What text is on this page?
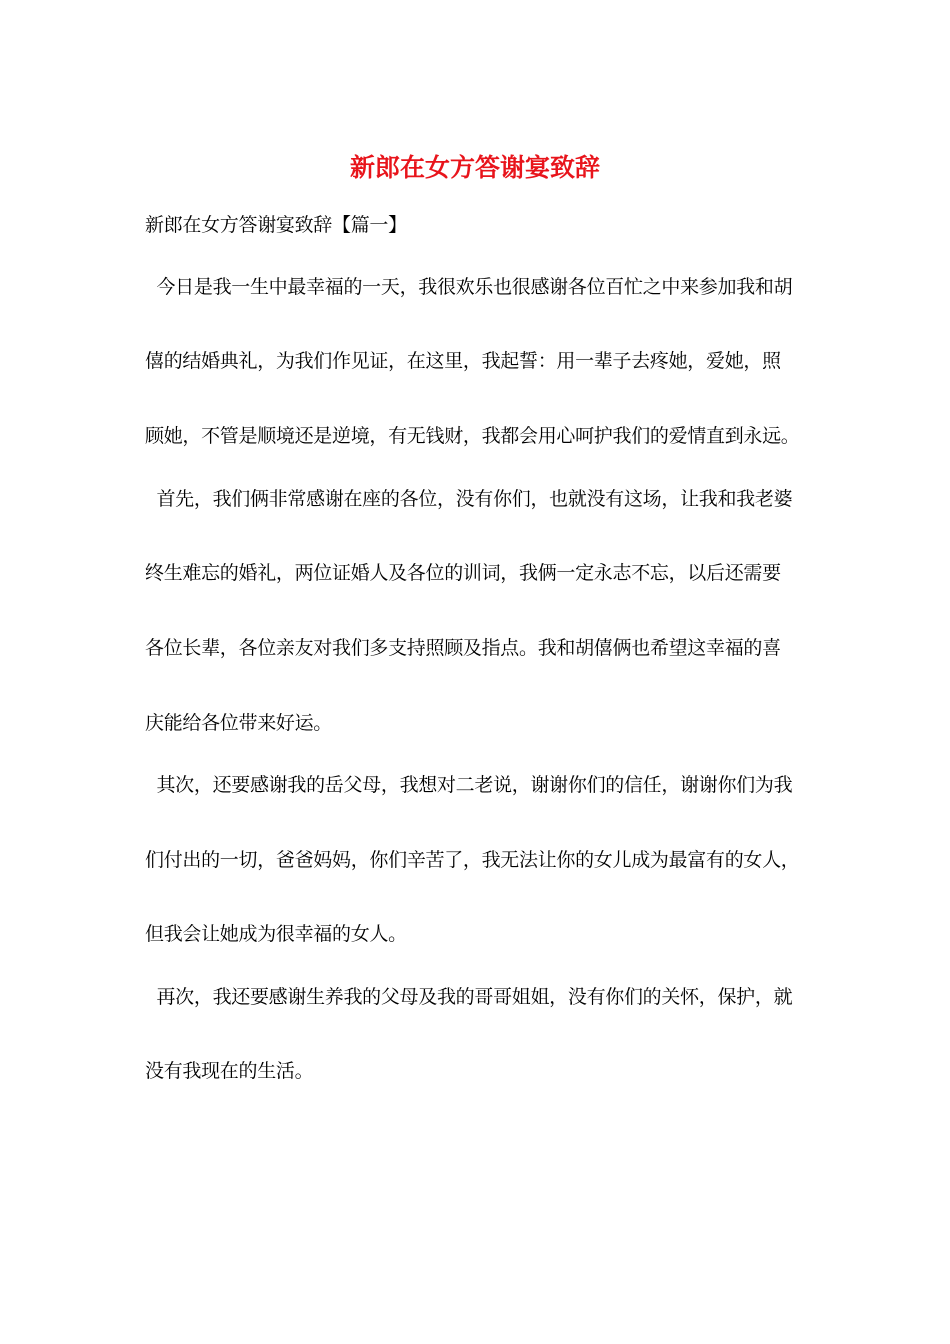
新郎在女方答谢宴致辞
新郎在女方答谢宴致辞【篇一】
今日是我一生中最幸福的一天，我很欢乐也很感谢各位百忙之中来参加我和胡
僖的结婚典礼，为我们作见证，在这里，我起誓：用一辈子去疼她，爱她，照
顾她，不管是顺境还是逆境，有无钱财，我都会用心呵护我们的爱情直到永远。
首先，我们俩非常感谢在座的各位，没有你们，也就没有这场，让我和我老婆
终生难忘的婚礼，两位证婚人及各位的训词，我俩一定永志不忘，以后还需要
各位长辈，各位亲友对我们多支持照顾及指点。我和胡僖俩也希望这幸福的喜
庆能给各位带来好运。
其次，还要感谢我的岳父母，我想对二老说，谢谢你们的信任，谢谢你们为我
们付出的一切，爸爸妈妈，你们辛苦了，我无法让你的女儿成为最富有的女人，
但我会让她成为很幸福的女人。
再次，我还要感谢生养我的父母及我的哥哥姐姐，没有你们的关怀，保护，就
没有我现在的生活。
